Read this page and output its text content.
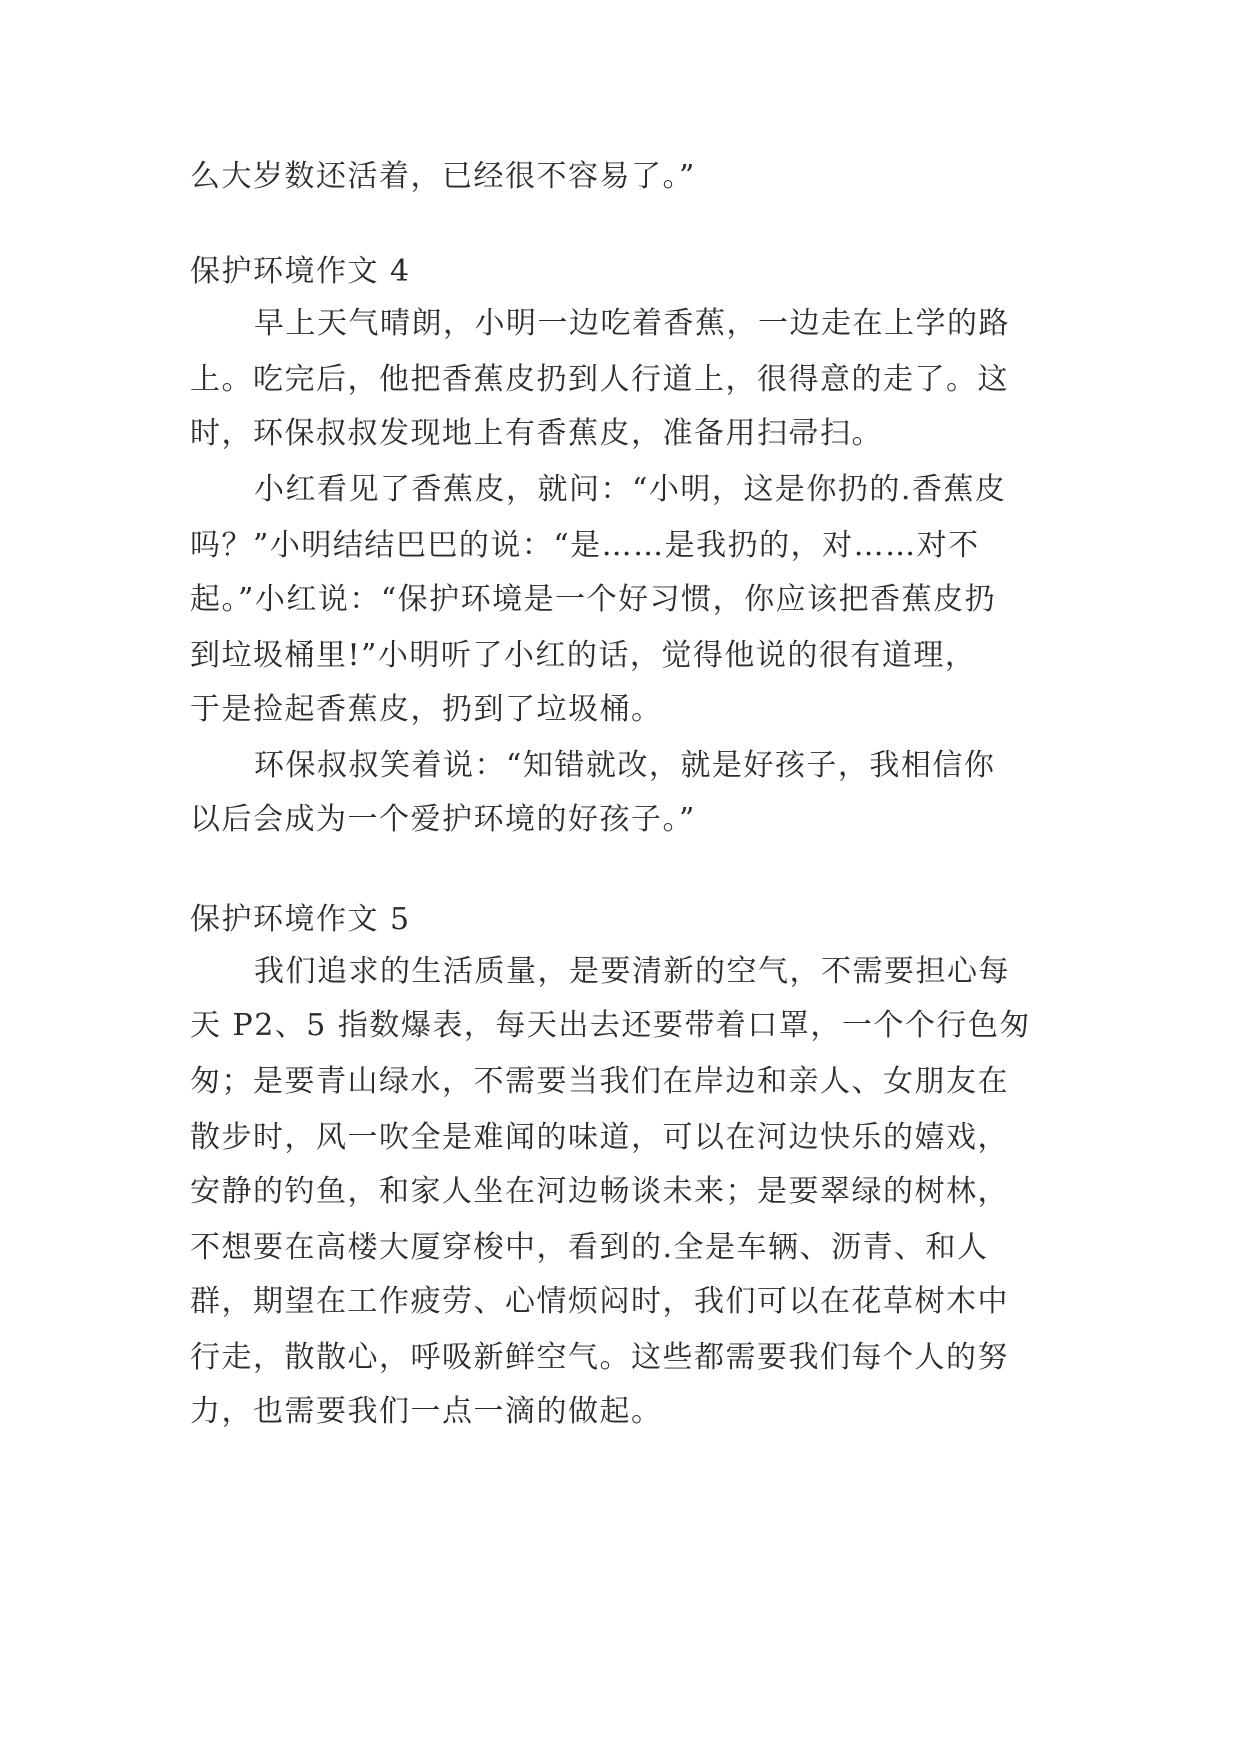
么大岁数还活着，已经很不容易了。”
保护环境作文 4
早上天气晴朗，小明一边吃着香蕉，一边走在上学的路
上。吃完后，他把香蕉皮扔到人行道上，很得意的走了。这
时，环保叔叔发现地上有香蕉皮，准备用扫帚扫。
小红看见了香蕉皮，就问：“小明，这是你扔的.香蕉皮
吗？”小明结结巴巴的说：“是……是我扔的，对……对不
起。”小红说：“保护环境是一个好习惯，你应该把香蕉皮扔
到垃圾桶里!”小明听了小红的话，觉得他说的很有道理，
于是捡起香蕉皮，扔到了垃圾桶。
环保叔叔笑着说：“知错就改，就是好孩子，我相信你
以后会成为一个爱护环境的好孩子。”
保护环境作文 5
我们追求的生活质量，是要清新的空气，不需要担心每
天 P2、5 指数爆表，每天出去还要带着口罩，一个个行色匆
匆；是要青山绿水，不需要当我们在岸边和亲人、女朋友在
散步时，风一吹全是难闻的味道，可以在河边快乐的嬉戏，
安静的钓鱼，和家人坐在河边畅谈未来；是要翠绿的树林，
不想要在高楼大厦穿梭中，看到的.全是车辆、沥青、和人
群，期望在工作疲劳、心情烦闷时，我们可以在花草树木中
行走，散散心，呼吸新鲜空气。这些都需要我们每个人的努
力，也需要我们一点一滴的做起。
